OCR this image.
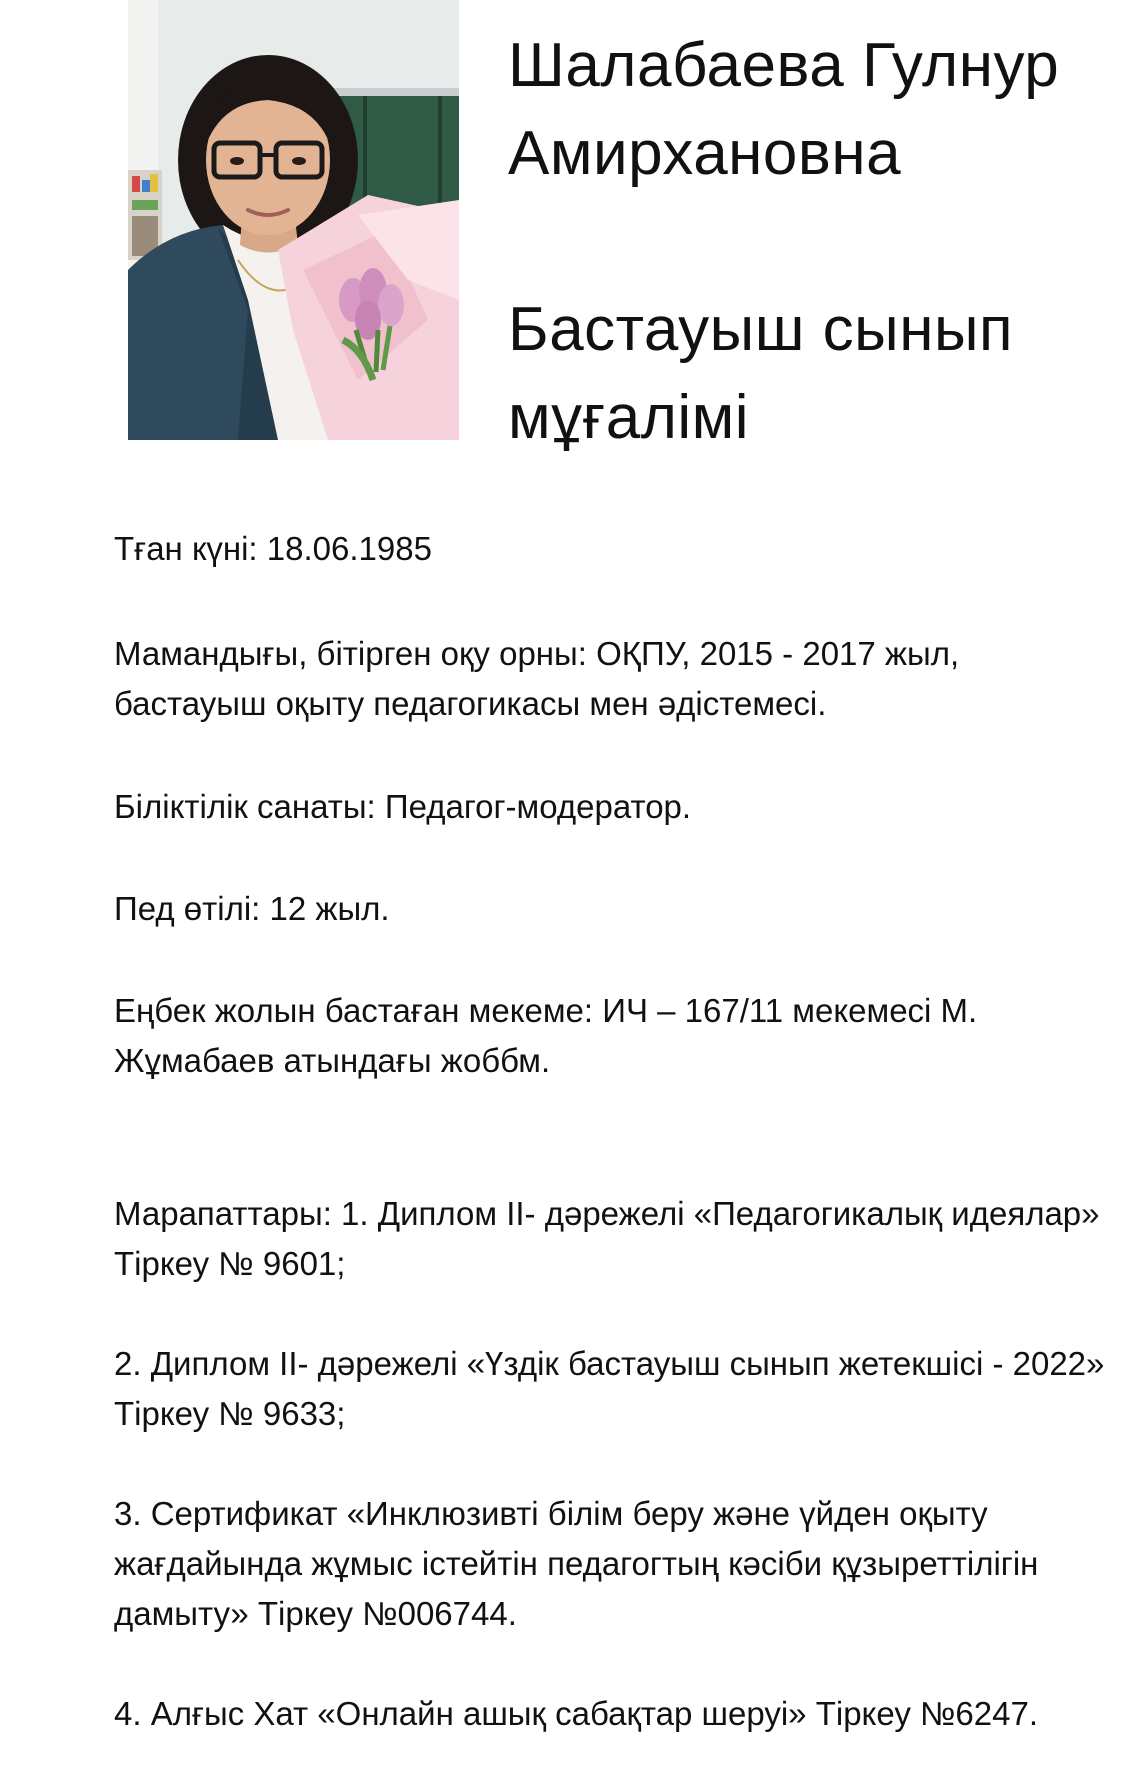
Шалабаева Гулнур Амирхановна
Бастауыш сынып мұғалімі

Тған күні: 18.06.1985

Мамандығы, бітірген оқу орны: ОҚПУ, 2015 - 2017 жыл, бастауыш оқыту педагогикасы мен әдістемесі.

Біліктілік санаты: Педагог-модератор.

Пед өтілі: 12 жыл.

Еңбек жолын бастаған мекеме: ИЧ – 167/11 мекемесі М. Жұмабаев атындағы жоббм.

Марапаттары: 1. Диплом ІІ- дәрежелі «Педагогикалық идеялар» Тіркеу № 9601;

2. Диплом ІІ- дәрежелі «Үздік бастауыш сынып жетекшісі - 2022» Тіркеу № 9633;

3. Сертификат «Инклюзивті білім беру және үйден оқыту жағдайында жұмыс істейтін педагогтың кәсіби құзыреттілігін дамыту» Тіркеу №006744.

4. Алғыс Хат «Онлайн ашық сабақтар шеруі» Тіркеу №6247.
